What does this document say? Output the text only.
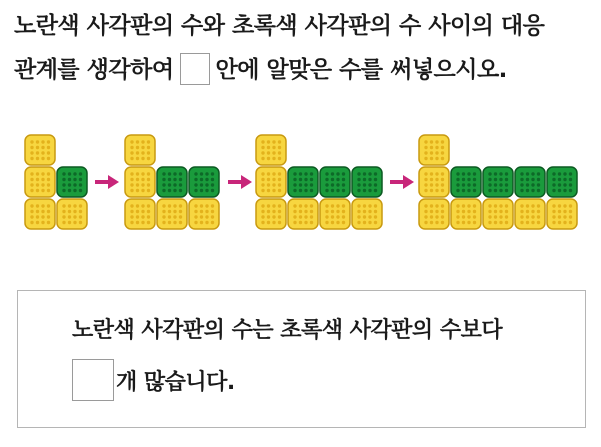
노란색 사각판의 수와 초록색 사각판의 수 사이의 대응
관계를 생각하여 안에 알맞은 수를 써넣으시오.
노란색 사각판의 수는 초록색 사각판의 수보다
개 많습니다.
